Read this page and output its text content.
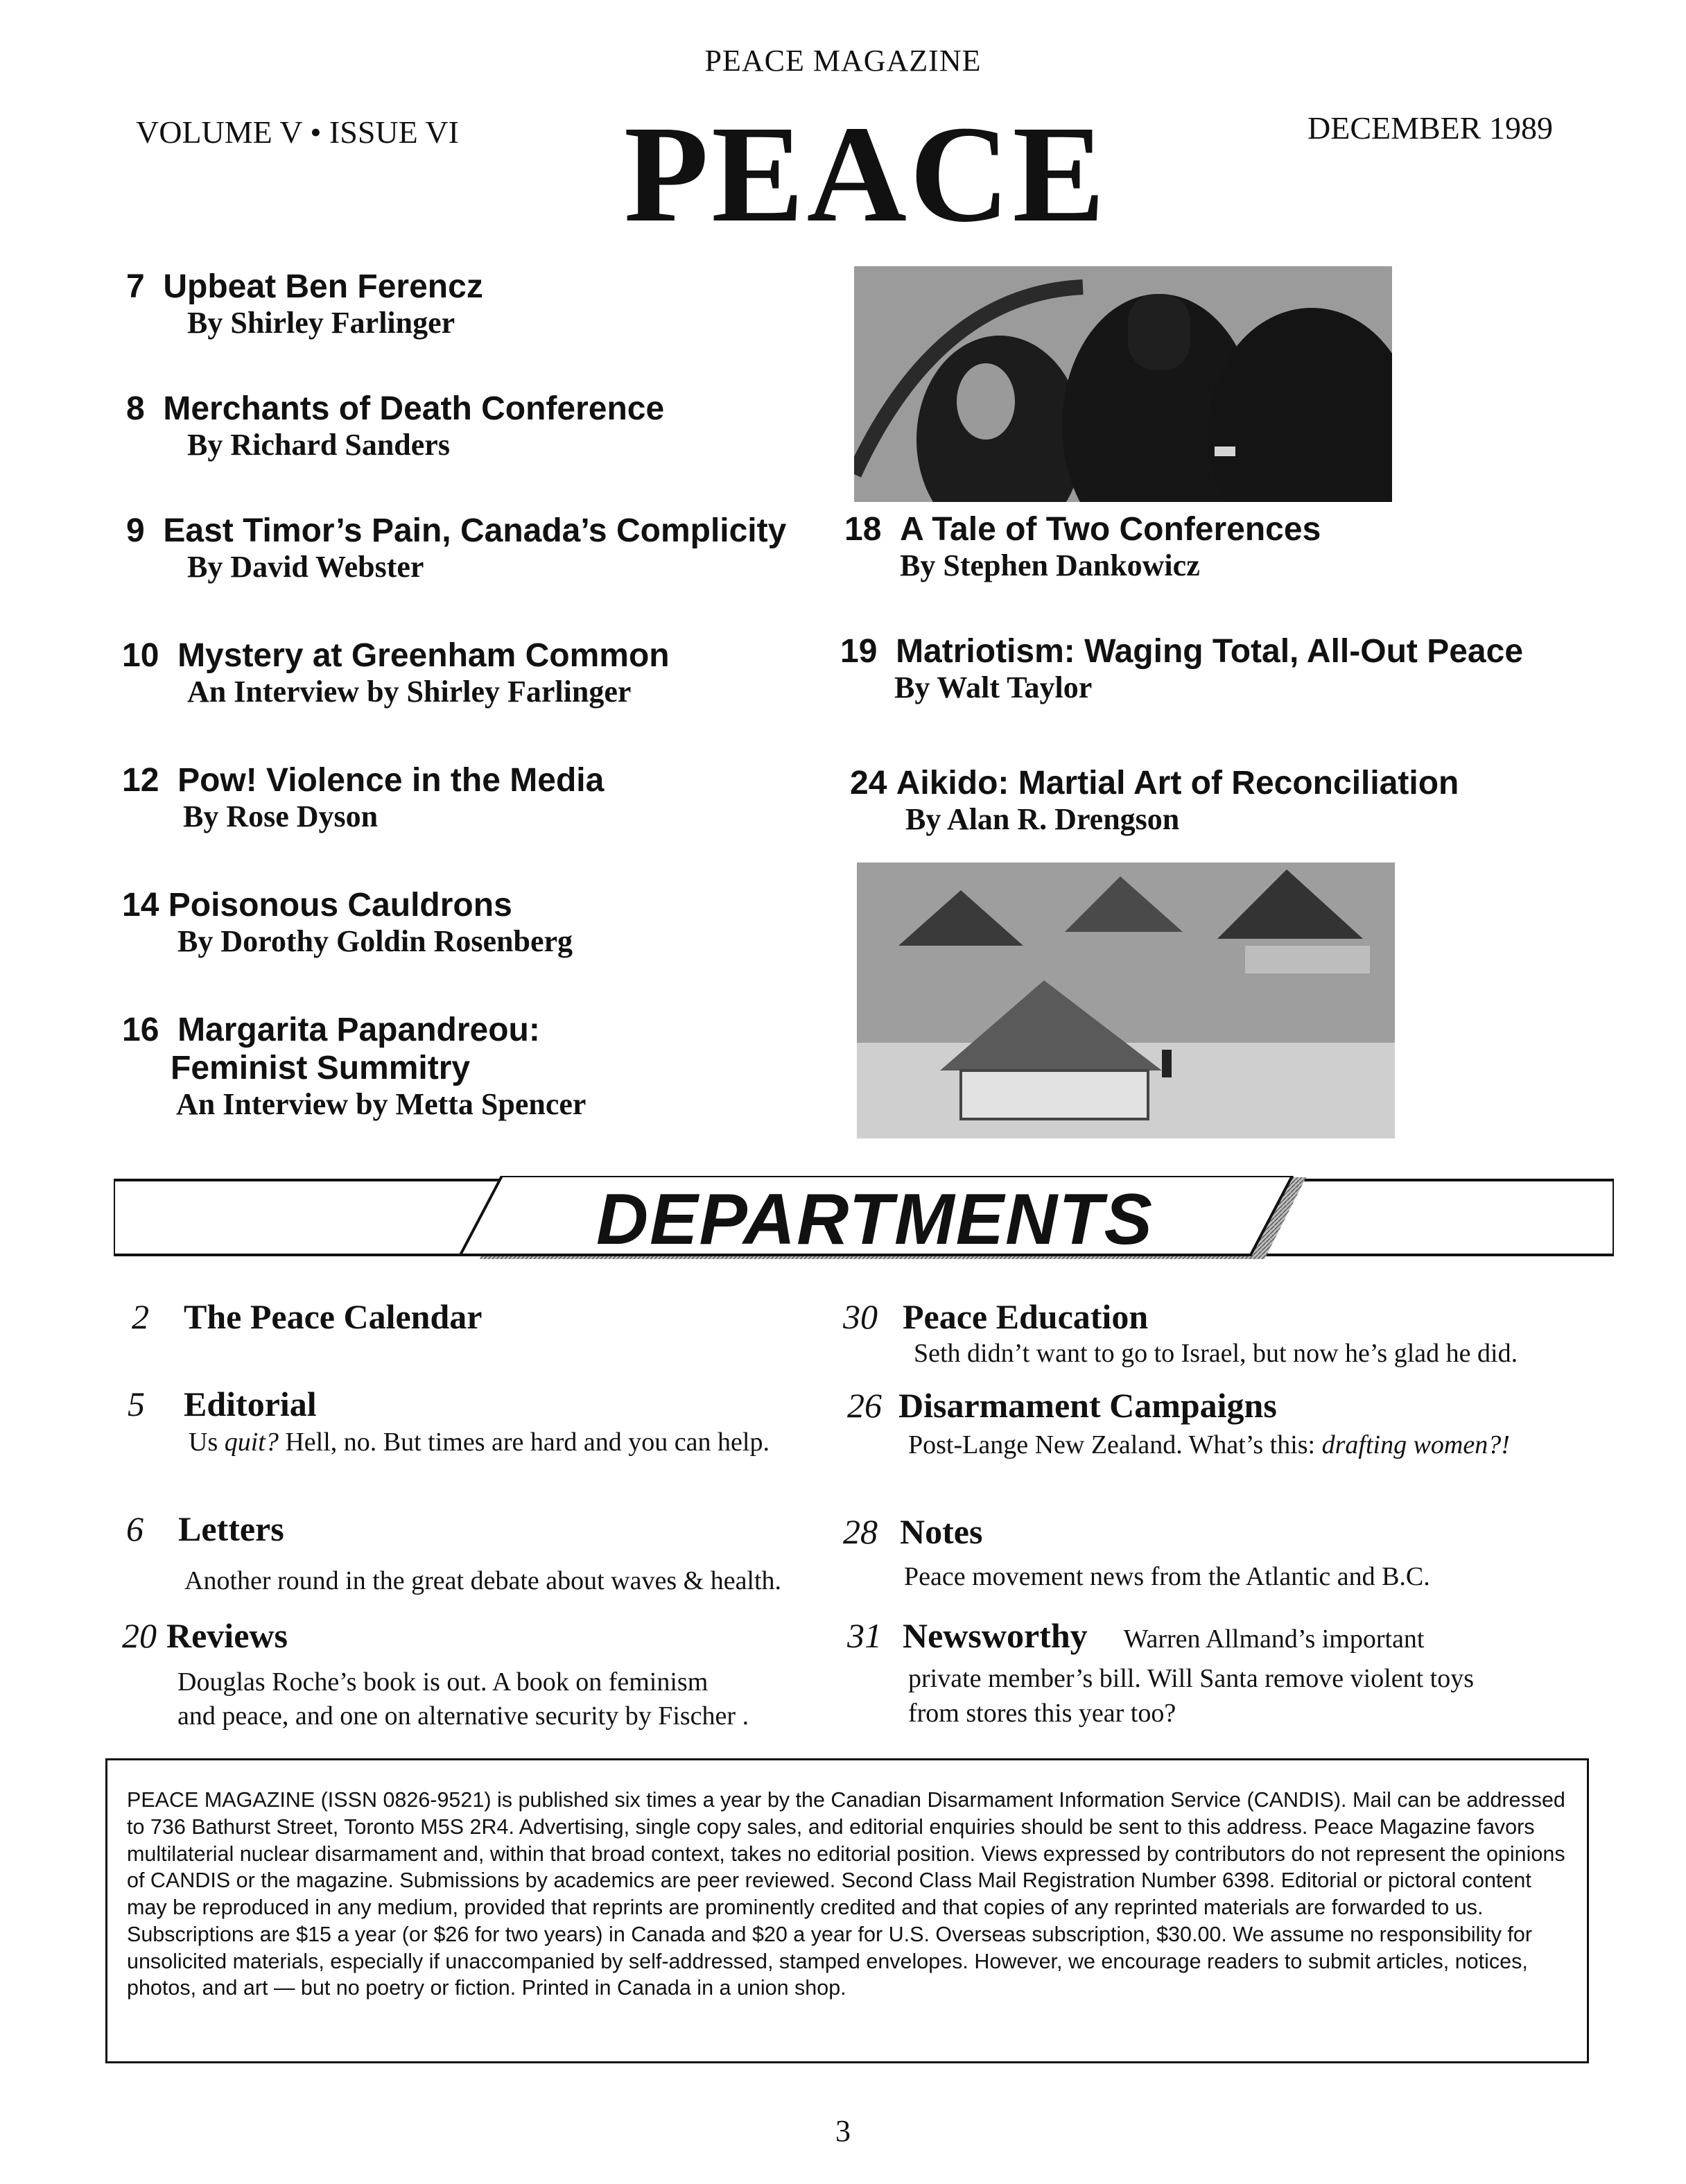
PEACE MAGAZINE
VOLUME V • ISSUE VI PEACE	DECEMBER 1989
7 Upbeat Ben Ferencz
By Shirley Farlinger
8 Merchants of Death Conference
By Richard Sanders
9 East Timor’s Pain, Canada’s Complicity
By David Webster
10 Mystery at Greenham Common
An Interview by Shirley Farlinger
12 Pow! Violence in the Media
By Rose Dyson
14 Poisonous Cauldrons
By Dorothy Goldin Rosenberg
16 Margarita Papandreou:
Feminist Summitry
An Interview by Metta Spencer
18 A Tale of Two Conferences
By Stephen Dankowicz
19 Matriotism: Waging Total, All-Out Peace
By Walt Taylor
24 Aikido: Martial Art of Reconciliation
By Alan R. Drengson
DEPARTMENTS
2 The Peace Calendar
5 Editorial
Us quit? Hell, no. But times are hard and you can help.
6 Letters
Another round in the great debate about waves & health.
20 Reviews
Douglas Roche’s book is out. A book on feminism
and peace, and one on alternative security by Fischer .
30 Peace Education
Seth didn’t want to go to Israel, but now he’s glad he did.
26 Disarmament Campaigns
Post-Lange New Zealand. What’s this: drafting women?!
28 Notes
Peace movement news from the Atlantic and B.C.
31 Newsworthy Warren Allmand’s important
private member’s bill. Will Santa remove violent toys
from stores this year too?
PEACE MAGAZINE (ISSN 0826-9521) is published six times a year by the Canadian Disarmament Information Service (CANDIS). Mail can be addressed to 736 Bathurst Street, Toronto M5S 2R4. Advertising, single copy sales, and editorial enquiries should be sent to this address. Peace Magazine favors multilaterial nuclear disarmament and, within that broad context, takes no editorial position. Views expressed by contributors do not represent the opinions of CANDIS or the magazine. Submissions by academics are peer reviewed. Second Class Mail Registration Number 6398. Editorial or pictoral content may be reproduced in any medium, provided that reprints are prominently credited and that copies of any reprinted materials are forwarded to us. Subscriptions are $15 a year (or $26 for two years) in Canada and $20 a year for U.S. Overseas subscription, $30.00. We assume no responsibility for unsolicited materials, especially if unaccompanied by self-addressed, stamped envelopes. However, we encourage readers to submit articles, notices, photos, and art — but no poetry or fiction. Printed in Canada in a union shop.
3
